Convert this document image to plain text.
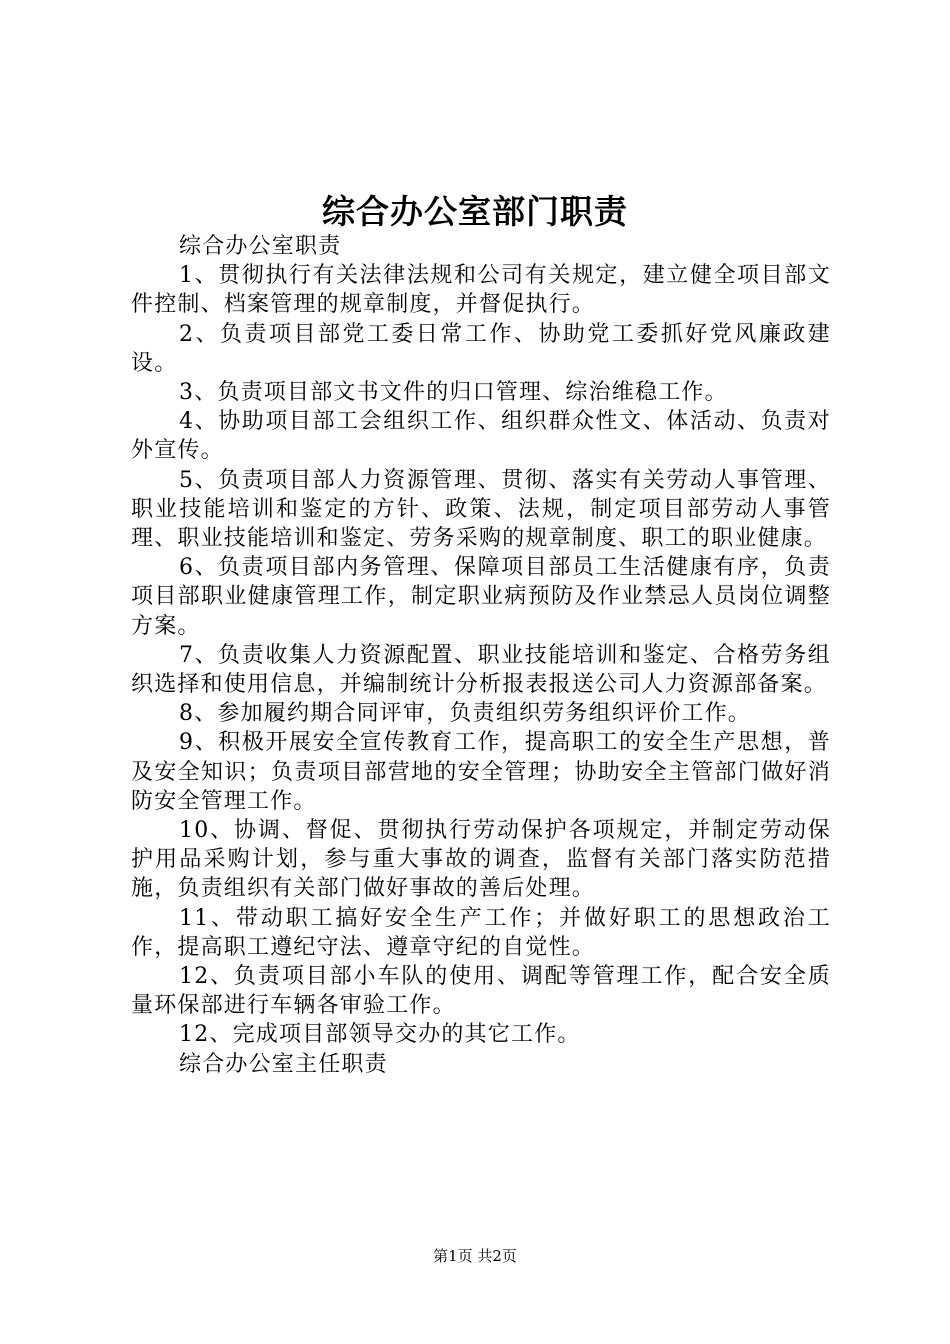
综合办公室部门职责

综合办公室职责

1、贯彻执行有关法律法规和公司有关规定，建立健全项目部文件控制、档案管理的规章制度，并督促执行。

2、负责项目部党工委日常工作、协助党工委抓好党风廉政建设。

3、负责项目部文书文件的归口管理、综治维稳工作。

4、协助项目部工会组织工作、组织群众性文、体活动、负责对外宣传。

5、负责项目部人力资源管理、贯彻、落实有关劳动人事管理、职业技能培训和鉴定的方针、政策、法规，制定项目部劳动人事管理、职业技能培训和鉴定、劳务采购的规章制度、职工的职业健康。

6、负责项目部内务管理、保障项目部员工生活健康有序，负责项目部职业健康管理工作，制定职业病预防及作业禁忌人员岗位调整方案。

7、负责收集人力资源配置、职业技能培训和鉴定、合格劳务组织选择和使用信息，并编制统计分析报表报送公司人力资源部备案。

8、参加履约期合同评审，负责组织劳务组织评价工作。

9、积极开展安全宣传教育工作，提高职工的安全生产思想，普及安全知识；负责项目部营地的安全管理；协助安全主管部门做好消防安全管理工作。

10、协调、督促、贯彻执行劳动保护各项规定，并制定劳动保护用品采购计划，参与重大事故的调查，监督有关部门落实防范措施，负责组织有关部门做好事故的善后处理。

11、带动职工搞好安全生产工作；并做好职工的思想政治工作，提高职工遵纪守法、遵章守纪的自觉性。

12、负责项目部小车队的使用、调配等管理工作，配合安全质量环保部进行车辆各审验工作。

12、完成项目部领导交办的其它工作。

综合办公室主任职责

第1页 共2页
